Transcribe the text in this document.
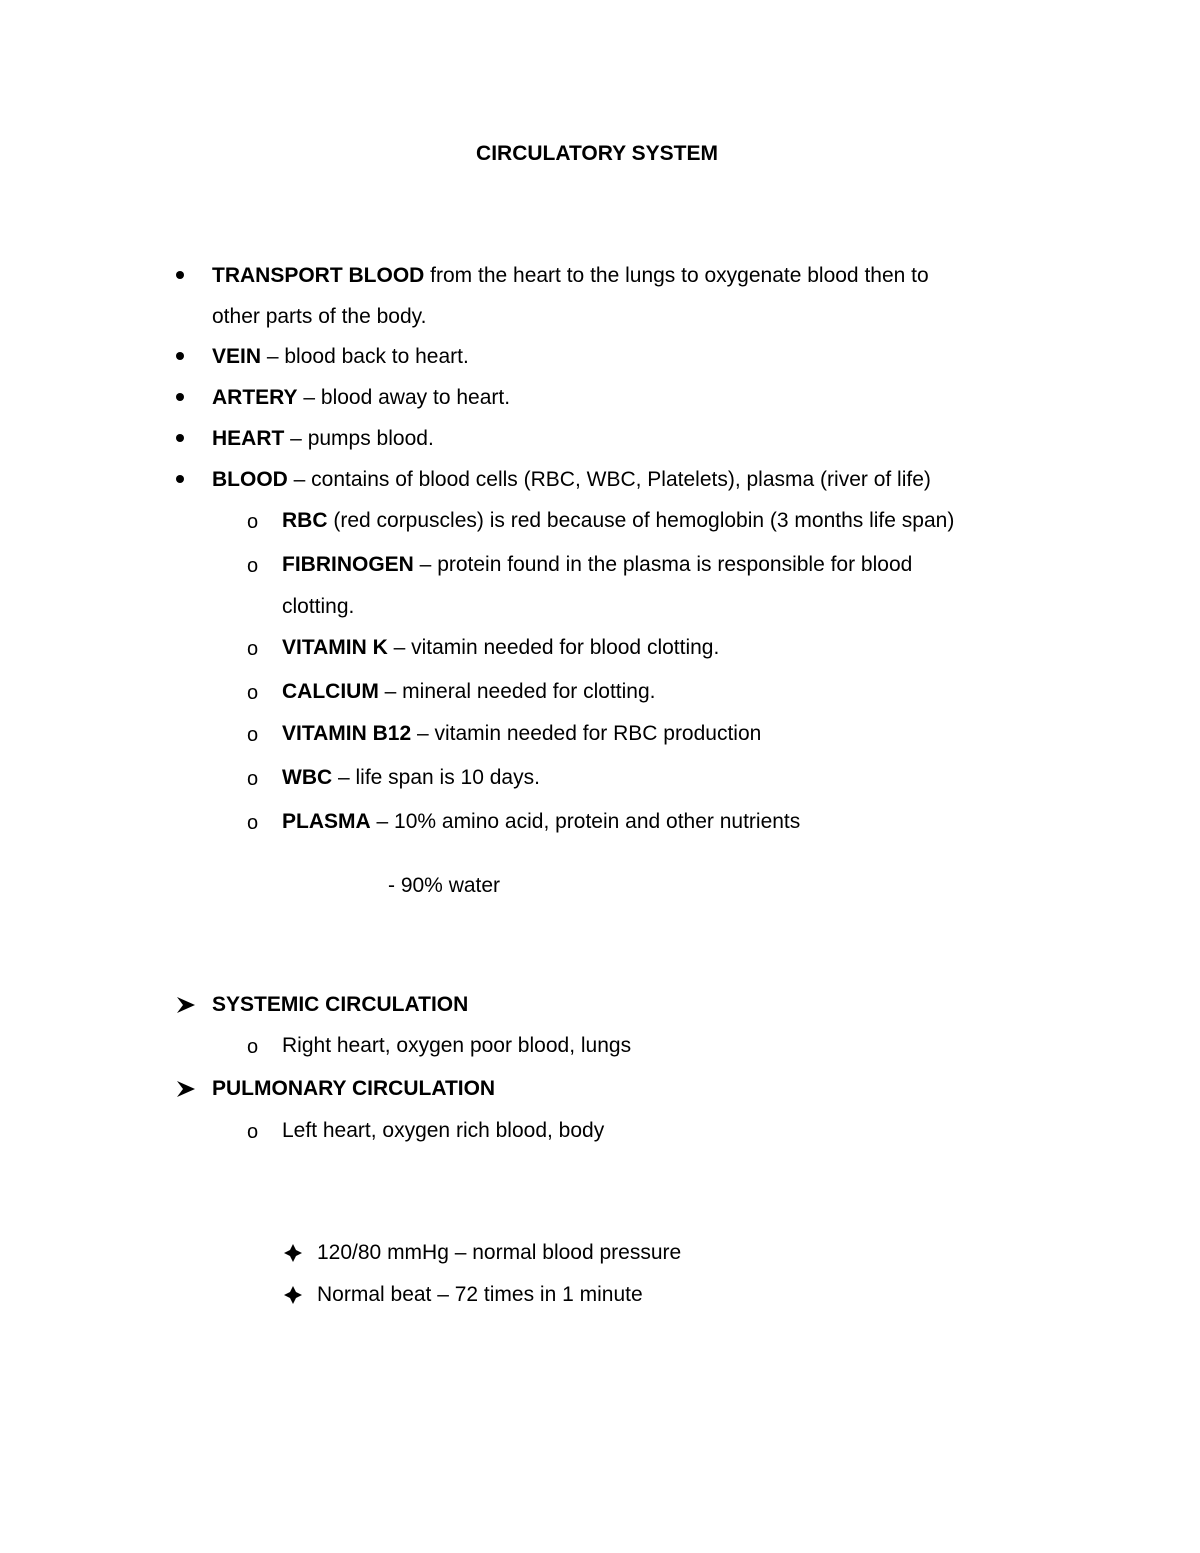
CIRCULATORY SYSTEM
TRANSPORT BLOOD from the heart to the lungs to oxygenate blood then to
other parts of the body.
VEIN – blood back to heart.
ARTERY – blood away to heart.
HEART – pumps blood.
BLOOD – contains of blood cells (RBC, WBC, Platelets), plasma (river of life)
o RBC (red corpuscles) is red because of hemoglobin (3 months life span)
o FIBRINOGEN – protein found in the plasma is responsible for blood
clotting.
o VITAMIN K – vitamin needed for blood clotting.
o CALCIUM – mineral needed for clotting.
o VITAMIN B12 – vitamin needed for RBC production
o WBC – life span is 10 days.
o PLASMA – 10% amino acid, protein and other nutrients
- 90% water
SYSTEMIC CIRCULATION
o Right heart, oxygen poor blood, lungs
PULMONARY CIRCULATION
o Left heart, oxygen rich blood, body
120/80 mmHg – normal blood pressure
Normal beat – 72 times in 1 minute
